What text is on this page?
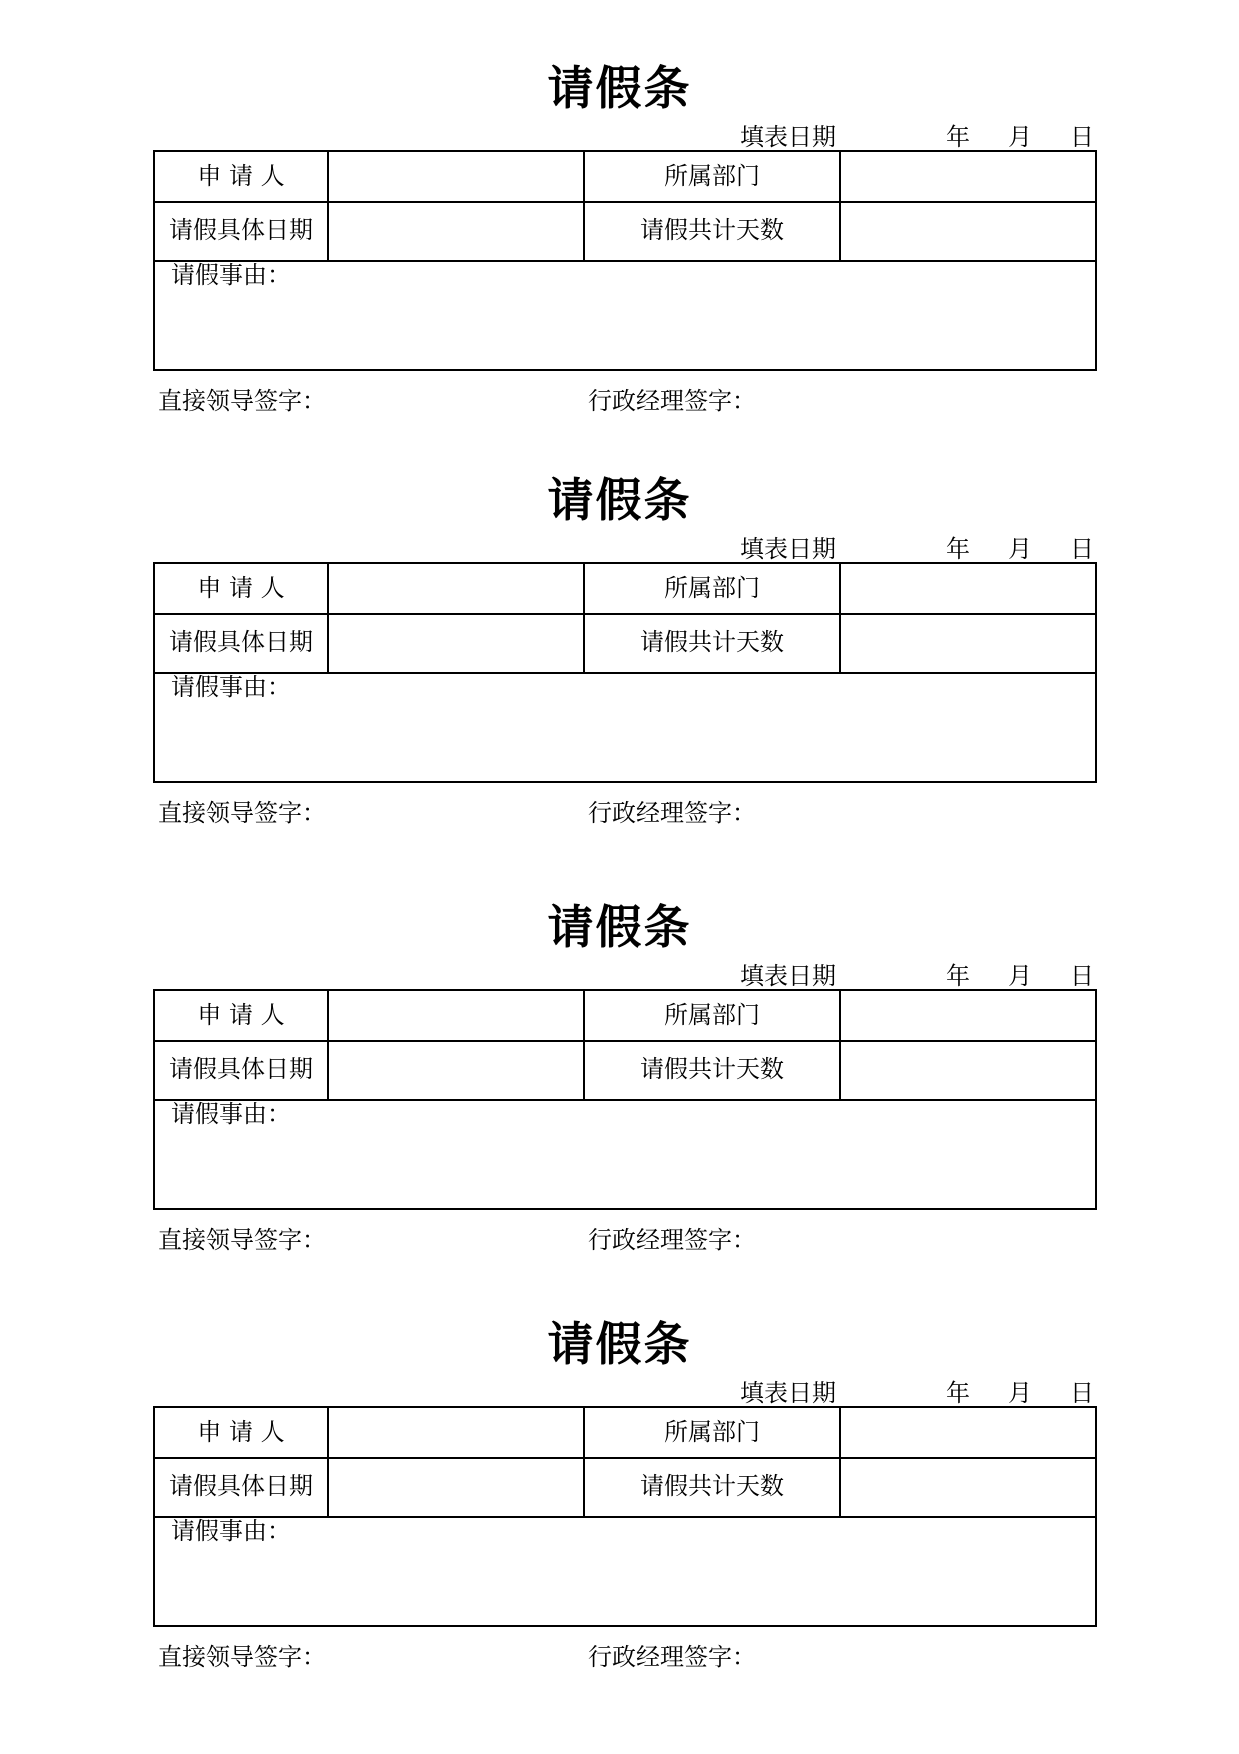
请假条
填表日期	年 月 日
申 请 人	所属部门
请假具体日期	请假共计天数
请假事由：
直接领导签字：	行政经理签字：
请假条
填表日期	年 月 日
申 请 人	所属部门
请假具体日期	请假共计天数
请假事由：
直接领导签字：	行政经理签字：
请假条
填表日期	年 月 日
申 请 人	所属部门
请假具体日期	请假共计天数
请假事由：
直接领导签字：	行政经理签字：
请假条
填表日期	年 月 日
申 请 人	所属部门
请假具体日期	请假共计天数
请假事由：
直接领导签字：	行政经理签字：
